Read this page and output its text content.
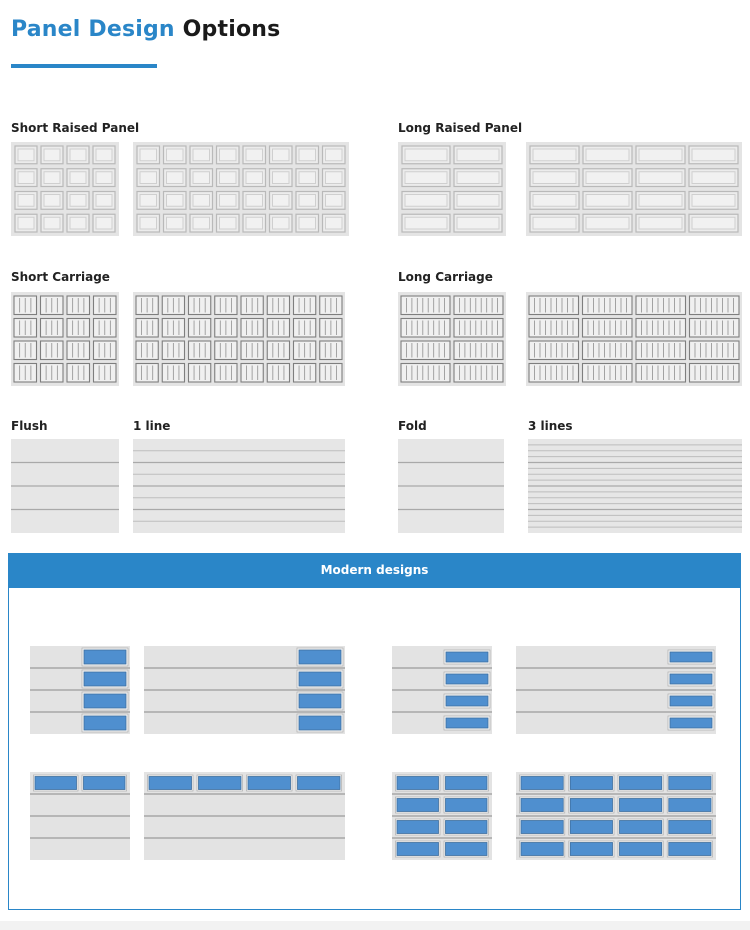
Panel Design Options
Short Raised Panel	Long Raised Panel
Short Carriage	Long Carriage
Flush	1 line	Fold	3 lines
Modern designs
